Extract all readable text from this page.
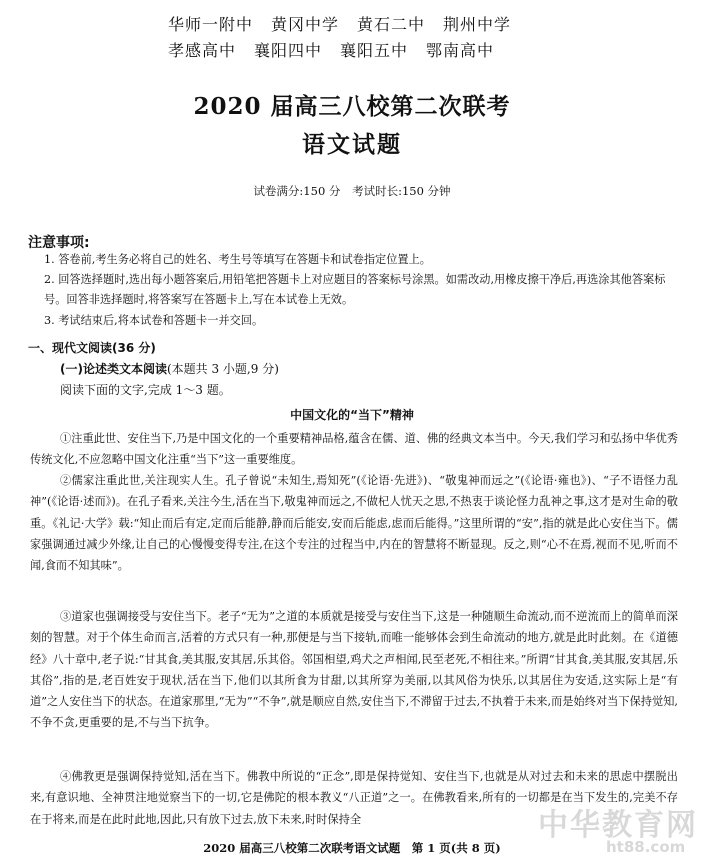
华师一附中 黄冈中学 黄石二中 荆州中学
孝感高中 襄阳四中 襄阳五中 鄂南高中
2020 届高三八校第二次联考
语文试题
试卷满分:150 分 考试时长:150 分钟
注意事项:
1. 答卷前,考生务必将自己的姓名、考生号等填写在答题卡和试卷指定位置上。
2. 回答选择题时,选出每小题答案后,用铅笔把答题卡上对应题目的答案标号涂黑。如需改动,用橡皮擦干净后,再选涂其他答案标号。回答非选择题时,将答案写在答题卡上,写在本试卷上无效。
3. 考试结束后,将本试卷和答题卡一并交回。
一、现代文阅读(36 分)
(一)论述类文本阅读(本题共 3 小题,9 分)
阅读下面的文字,完成 1～3 题。
中国文化的“当下”精神
①注重此世、安住当下,乃是中国文化的一个重要精神品格,蕴含在儒、道、佛的经典文本当中。今天,我们学习和弘扬中华优秀传统文化,不应忽略中国文化注重“当下”这一重要维度。
②儒家注重此世,关注现实人生。孔子曾说“未知生,焉知死”(《论语·先进》)、“敬鬼神而远之”(《论语·雍也》)、“子不语怪力乱神”(《论语·述而》)。在孔子看来,关注今生,活在当下,敬鬼神而远之,不做杞人忧天之思,不热衷于谈论怪力乱神之事,这才是对生命的敬重。《礼记·大学》载:“知止而后有定,定而后能静,静而后能安,安而后能虑,虑而后能得。”这里所谓的“安”,指的就是此心安住当下。儒家强调通过减少外缘,让自己的心慢慢变得专注,在这个专注的过程当中,内在的智慧将不断显现。反之,则“心不在焉,视而不见,听而不闻,食而不知其味”。
③道家也强调接受与安住当下。老子“无为”之道的本质就是接受与安住当下,这是一种随顺生命流动,而不逆流而上的简单而深刻的智慧。对于个体生命而言,活着的方式只有一种,那便是与当下接轨,而唯一能够体会到生命流动的地方,就是此时此刻。在《道德经》八十章中,老子说:“甘其食,美其服,安其居,乐其俗。邻国相望,鸡犬之声相闻,民至老死,不相往来。”所谓“甘其食,美其服,安其居,乐其俗”,指的是,老百姓安于现状,活在当下,他们以其所食为甘甜,以其所穿为美丽,以其风俗为快乐,以其居住为安适,这实际上是“有道”之人安住当下的状态。在道家那里,“无为”“不争”,就是顺应自然,安住当下,不滞留于过去,不执着于未来,而是始终对当下保持觉知,不争不贪,更重要的是,不与当下抗争。
④佛教更是强调保持觉知,活在当下。佛教中所说的“正念”,即是保持觉知、安住当下,也就是从对过去和未来的思虑中摆脱出来,有意识地、全神贯注地觉察当下的一切,它是佛陀的根本教义“八正道”之一。在佛教看来,所有的一切都是在当下发生的,完美不存在于将来,而是在此时此地,因此,只有放下过去,放下未来,时时保持全	中华教育网
ht88.com
2020 届高三八校第二次联考语文试题　第 1 页(共 8 页)
